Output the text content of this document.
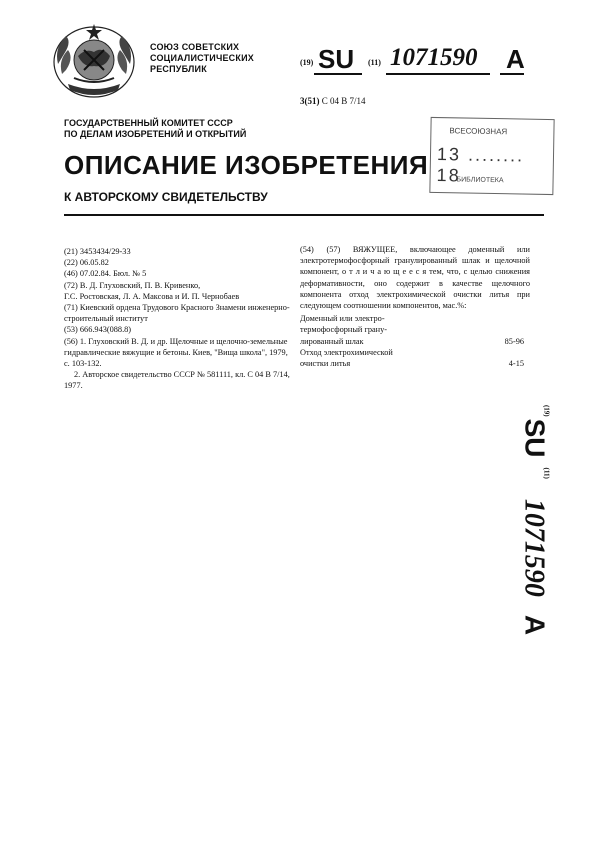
СОЮЗ СОВЕТСКИХ
СОЦИАЛИСТИЧЕСКИХ
РЕСПУБЛИК
(19) SU (11) 1071590 A
3(51) С 04 В 7/14
ВСЕСОЮЗНАЯ
13 ........ 18
БИБЛИОТЕКА
ГОСУДАРСТВЕННЫЙ КОМИТЕТ СССР
ПО ДЕЛАМ ИЗОБРЕТЕНИЙ И ОТКРЫТИЙ
ОПИСАНИЕ ИЗОБРЕТЕНИЯ
К АВТОРСКОМУ СВИДЕТЕЛЬСТВУ
(21) 3453434/29-33
(22) 06.05.82
(46) 07.02.84. Бюл. № 5
(72) В. Д. Глуховский, П. В. Кривенко,
Г.С. Ростовская, Л. А. Максова и И. П. Чернобаев
(71) Киевский ордена Трудового Красного Знамени инженерно-строительный институт
(53) 666.943(088.8)
(56) 1. Глуховский В. Д. и др. Щелочные и щелочно-земельные гидравлические вяжущие и бетоны. Киев, "Вища школа", 1979, с. 103-132.
2. Авторское свидетельство СССР № 581111, кл. С 04 В 7/14, 1977.

(54) (57) ВЯЖУЩЕЕ, включающее доменный или электротермофосфорный гранулированный шлак и щелочной компонент, о т л и ч а ю щ е е с я тем, что, с целью снижения деформативности, оно содержит в качестве щелочного компонента отход электрохимической очистки литья при следующем соотношении компонентов, мас.%:

Доменный или электро-
термофосфорный грану-
лированный шлак	85-96
Отход электрохимической
очистки литья	4-15
$^{(19)}$SU$^{(11)}$1071590A
